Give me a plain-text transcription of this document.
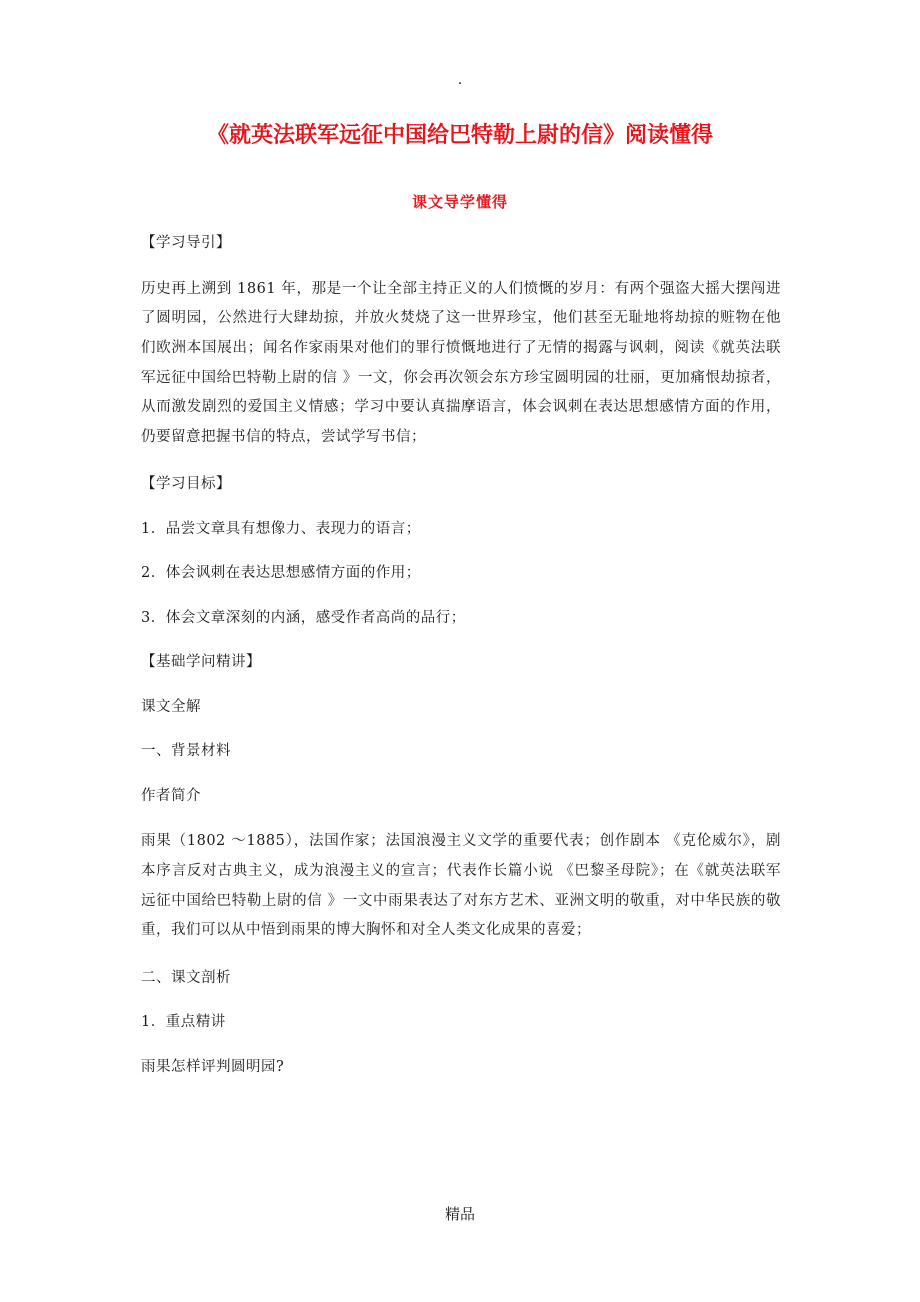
.
《就英法联军远征中国给巴特勒上尉的信》阅读懂得
课文导学懂得

【学习导引】

历史再上溯到 1861 年，那是一个让全部主持正义的人们愤慨的岁月：有两个强盗大摇大摆闯进了圆明园，公然进行大肆劫掠，并放火焚烧了这一世界珍宝，他们甚至无耻地将劫掠的赃物在他们欧洲本国展出；闻名作家雨果对他们的罪行愤慨地进行了无情的揭露与讽刺，阅读《就英法联军远征中国给巴特勒上尉的信 》一文，你会再次领会东方珍宝圆明园的壮丽，更加痛恨劫掠者，从而激发剧烈的爱国主义情感；学习中要认真揣摩语言，体会讽刺在表达思想感情方面的作用，仍要留意把握书信的特点，尝试学写书信；

【学习目标】

1．品尝文章具有想像力、表现力的语言；

2．体会讽刺在表达思想感情方面的作用；

3．体会文章深刻的内涵，感受作者高尚的品行；

【基础学问精讲】

课文全解

一、背景材料

作者简介

雨果（1802 ～1885），法国作家；法国浪漫主义文学的重要代表；创作剧本 《克伦威尔》，剧本序言反对古典主义，成为浪漫主义的宣言；代表作长篇小说 《巴黎圣母院》；在《就英法联军远征中国给巴特勒上尉的信 》一文中雨果表达了对东方艺术、亚洲文明的敬重，对中华民族的敬重，我们可以从中悟到雨果的博大胸怀和对全人类文化成果的喜爱；

二、课文剖析

1．重点精讲

雨果怎样评判圆明园?

精品
